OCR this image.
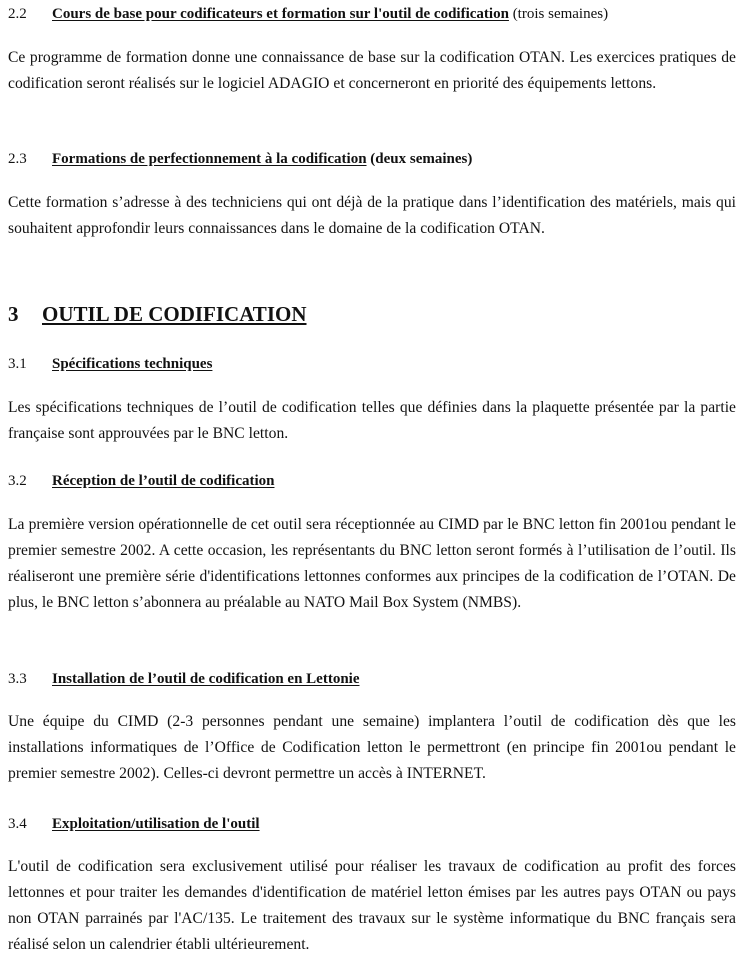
2.2 Cours de base pour codificateurs et formation sur l'outil de codification (trois semaines)

Ce programme de formation donne une connaissance de base sur la codification OTAN. Les exercices pratiques de codification seront réalisés sur le logiciel ADAGIO et concerneront en priorité des équipements lettons.

2.3 Formations de perfectionnement à la codification (deux semaines)

Cette formation s’adresse à des techniciens qui ont déjà de la pratique dans l’identification des matériels, mais qui souhaitent approfondir leurs connaissances dans le domaine de la codification OTAN.

3 OUTIL DE CODIFICATION
3.1 Spécifications techniques

Les spécifications techniques de l’outil de codification telles que définies dans la plaquette présentée par la partie française sont approuvées par le BNC letton.

3.2 Réception de l’outil de codification

La première version opérationnelle de cet outil sera réceptionnée au CIMD par le BNC letton fin 2001ou pendant le premier semestre 2002. A cette occasion, les représentants du BNC letton seront formés à l’utilisation de l’outil. Ils réaliseront une première série d'identifications lettonnes conformes aux principes de la codification de l’OTAN. De plus, le BNC letton s’abonnera au préalable au NATO Mail Box System (NMBS).

3.3 Installation de l’outil de codification en Lettonie

Une équipe du CIMD (2-3 personnes pendant une semaine) implantera l’outil de codification dès que les installations informatiques de l’Office de Codification letton le permettront (en principe fin 2001ou pendant le premier semestre 2002). Celles-ci devront permettre un accès à INTERNET.

3.4 Exploitation/utilisation de l'outil

L'outil de codification sera exclusivement utilisé pour réaliser les travaux de codification au profit des forces lettonnes et pour traiter les demandes d'identification de matériel letton émises par les autres pays OTAN ou pays non OTAN parrainés par l'AC/135. Le traitement des travaux sur le système informatique du BNC français sera réalisé selon un calendrier établi ultérieurement.
